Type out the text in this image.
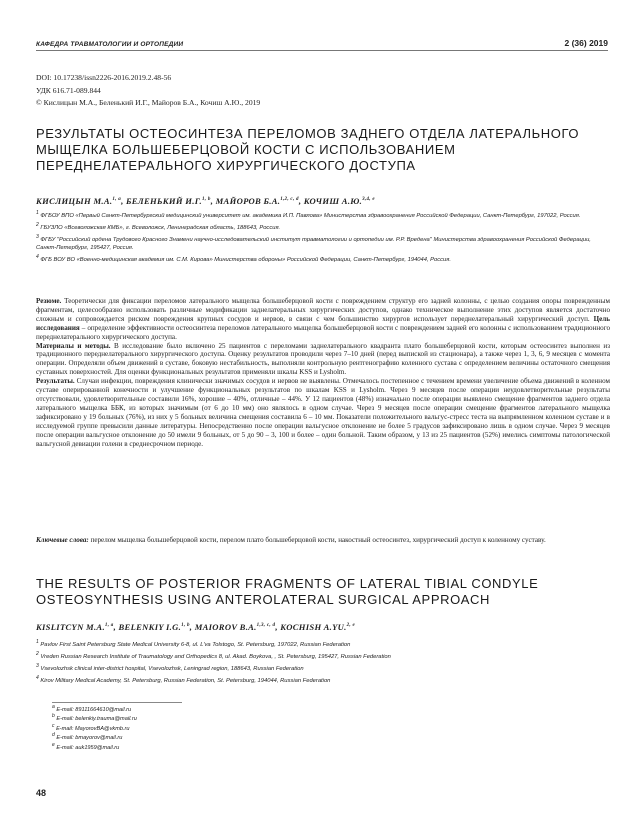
КАФЕДРА ТРАВМАТОЛОГИИ И ОРТОПЕДИИ	2 (36) 2019
DOI: 10.17238/issn2226-2016.2019.2.48-56
УДК 616.71-089.844
© Кислицын М.А., Беленький И.Г., Майоров Б.А., Кочиш А.Ю., 2019
РЕЗУЛЬТАТЫ ОСТЕОСИНТЕЗА ПЕРЕЛОМОВ ЗАДНЕГО ОТДЕЛА ЛАТЕРАЛЬНОГО МЫЩЕЛКА БОЛЬШЕБЕРЦОВОЙ КОСТИ С ИСПОЛЬЗОВАНИЕМ ПЕРЕДНЕЛАТЕРАЛЬНОГО ХИРУРГИЧЕСКОГО ДОСТУПА
КИСЛИЦЫН М.А.$^{1, a}$, БЕЛЕНЬКИЙ И.Г.$^{1, b}$, МАЙОРОВ Б.А.$^{1,2, c, d}$, КОЧИШ А.Ю.$^{3,4, e}$

$^1$ ФГБОУ ВПО «Первый Санкт-Петербургский медицинский университет им. академика И.П. Павлова» Министерства здравоохранения Российской Федерации, Санкт-Петербург, 197022, Россия.

$^2$ ГБУЗЛО «Всеволожская КМБ», г. Всеволожск, Ленинградская область, 188643, Россия.

$^3$ ФГБУ "Российский ордена Трудового Красного Знамени научно-исследовательский институт травматологии и ортопедии им. Р.Р. Вредена" Министерства здравоохранения Российской Федерации, Санкт-Петербург, 195427, Россия.

$^4$ ФГБ ВОУ ВО «Военно-медицинская академия им. С.М. Кирова» Министерства обороны» Российской Федерации, Санкт-Петербург, 194044, Россия.

Резюме. Теоретически для фиксации переломов латерального мыщелка большеберцовой кости с повреждением структур его задней колонны, с целью создания опоры поврежденным фрагментам, целесообразно использовать различные модификации заднелатеральных хирургических доступов, однако техническое выполнение этих доступов является достаточно сложным и сопровождается риском повреждения крупных сосудов и нервов, в связи с чем большинство хирургов использует переднелатеральный хирургический доступ. Цель исследования – определение эффективности остеосинтеза переломов латерального мыщелка большеберцовой кости с повреждением задней его колонны с использованием традиционного переднелатерального хирургического доступа.

Материалы и методы. В исследование было включено 25 пациентов с переломами заднелатерального квадранта плато большеберцовой кости, которым остеосинтез выполнен из традиционного переднелатерального хирургического доступа. Оценку результатов проводили через 7–10 дней (перед выпиской из стационара), а также через 1, 3, 6, 9 месяцев с момента операции. Определяли объем движений в суставе, боковую нестабильность, выполняли контрольную рентгенографию коленного сустава с определением величины остаточного смещения суставных поверхностей. Для оценки функциональных результатов применяли шкалы KSS и Lysholm.

Результаты. Случаи инфекции, повреждения клинически значимых сосудов и нервов не выявлены. Отмечалось постепенное с течением времени увеличение объема движений в коленном суставе оперированной конечности и улучшение функциональных результатов по шкалам KSS и Lysholm. Через 9 месяцев после операции неудовлетворительные результаты отсутствовали, удовлетворительные составили 16%, хорошие – 40%, отличные – 44%. У 12 пациентов (48%) изначально после операции выявлено смещение фрагментов заднего отдела латерального мыщелка ББК, из которых значимым (от 6 до 10 мм) оно являлось в одном случае. Через 9 месяцев после операции смещение фрагментов латерального мыщелка зафиксировано у 19 больных (76%), из них у 5 больных величина смещения составила 6 – 10 мм. Показатели положительного вальгус-стресс теста на выпрямленном коленном суставе и в исследуемой группе превысили данные литературы. Непосредственно после операции вальгусное отклонение не более 5 градусов зафиксировано лишь в одном случае. Через 9 месяцев после операции вальгусное отклонение до 50 имели 9 больных, от 5 до 90 – 3, 100 и более – один больной. Таким образом, у 13 из 25 пациентов (52%) имелись симптомы патологической вальгусной девиации голени в среднесрочном периоде.

Ключевые слова: перелом мыщелка большеберцовой кости, перелом плато большеберцовой кости, накостный остеосинтез, хирургический доступ к коленному суставу.
THE RESULTS OF POSTERIOR FRAGMENTS OF LATERAL TIBIAL CONDYLE OSTEOSYNTHESIS USING ANTEROLATERAL SURGICAL APPROACH
KISLITCYN M.A.$^{1, a}$, BELENKIY I.G.$^{1, b}$, MAIOROV B.A.$^{1,3, c, d}$, KOCHISH A.YU.$^{2, e}$

$^1$ Pavlov First Saint Petersburg State Medical University 6-8, ul. L'va Tolstogo, St. Petersburg, 197022, Russian Federation

$^2$ Vreden Russian Research Institute of Traumatology and Orthopedics 8, ul. Akad. Boykova, , St. Petersburg, 195427, Russian Federation

$^3$ Vsevolozhsk clinical inter-district hospital, Vsevolozhsk, Leningrad region, 188643, Russian Federation

$^4$ Kirov Military Medical Academy, St. Petersburg, Russian Federation, St. Petersburg, 194044, Russian Federation

$^a$ E-mail: 89111664610@mail.ru
$^b$ E-mail: belenkiy.trauma@mail.ru
$^c$ E-mail: MayorovBA@vkmb.ru
$^d$ E-mail: bmayorov@mail.ru
$^e$ E-mail: auk1959@mail.ru
48
